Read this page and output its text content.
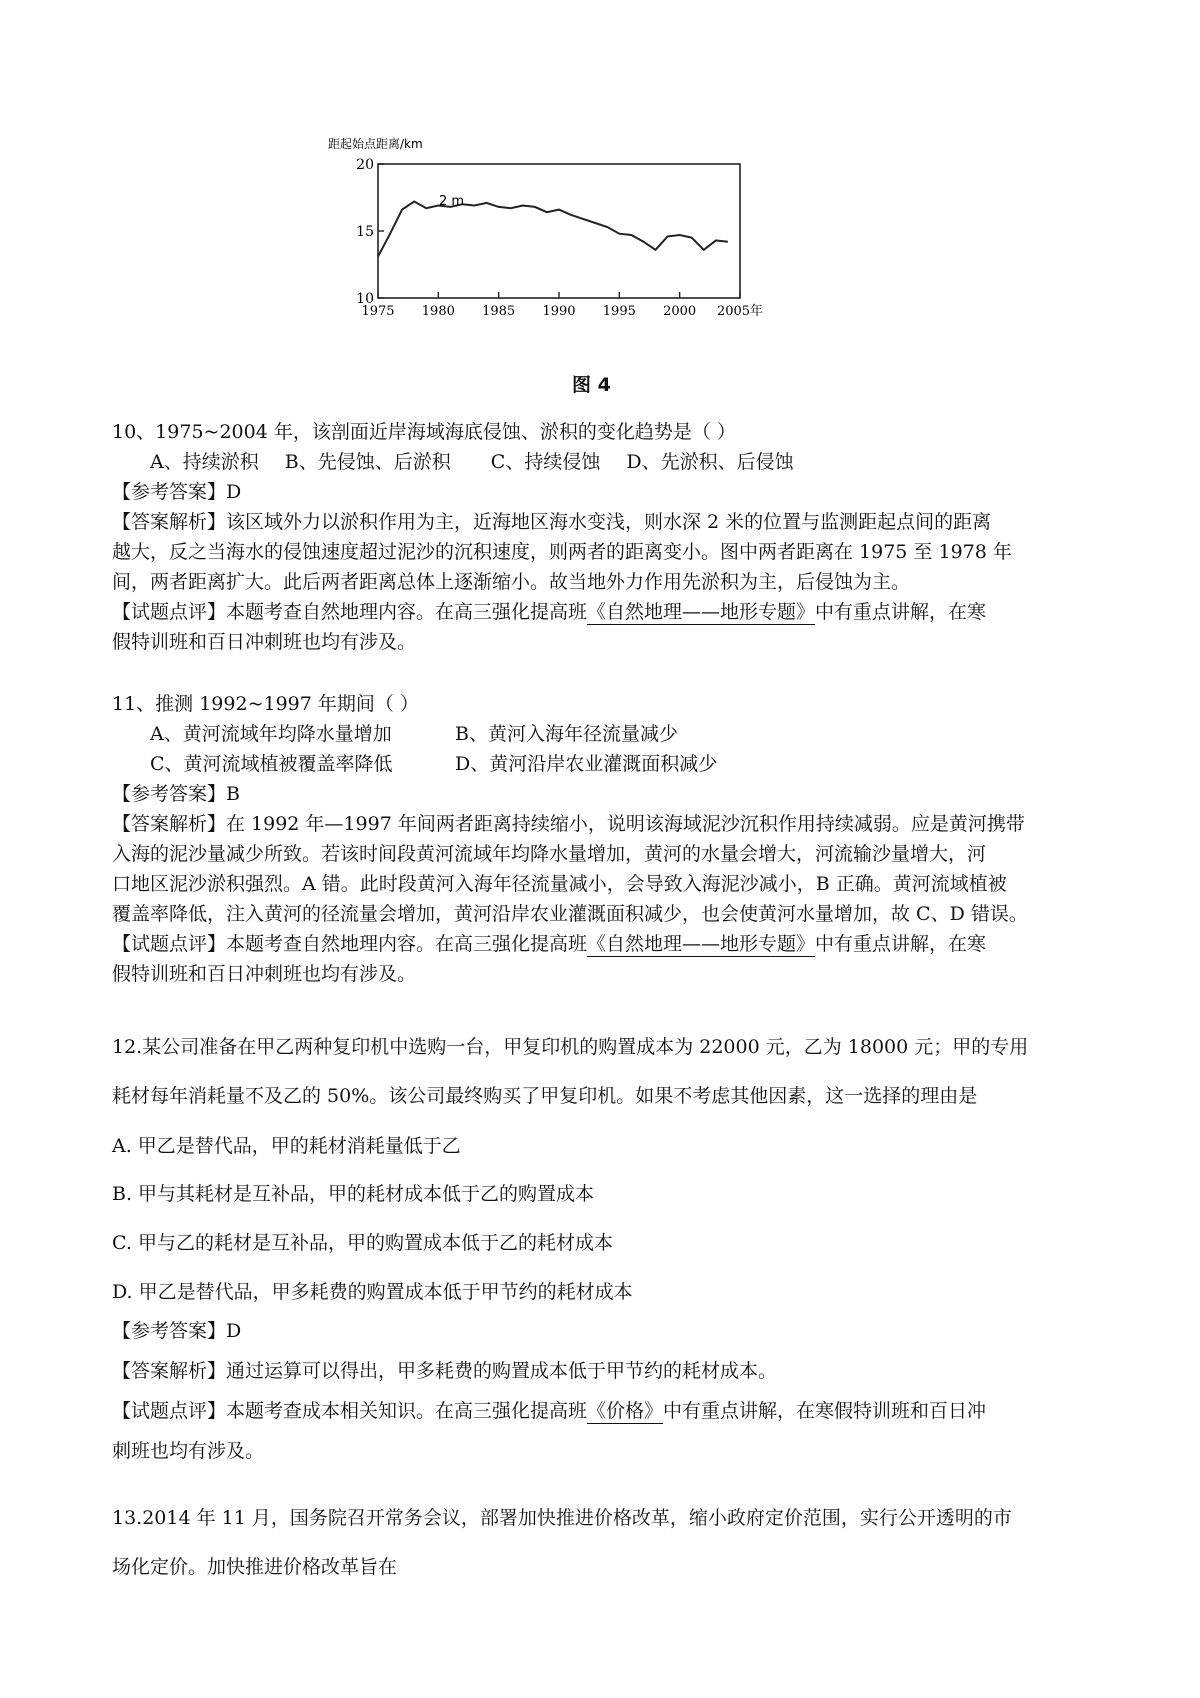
距起始点距离/km
20
15
10
1975 1980 1985 1990 1995 2000 2005年
2 m
图 4
10、1975~2004 年，该剖面近岸海域海底侵蚀、淤积的变化趋势是（ ）
A、持续淤积 B、先侵蚀、后淤积 C、持续侵蚀 D、先淤积、后侵蚀
【参考答案】D
【答案解析】该区域外力以淤积作用为主，近海地区海水变浅，则水深 2 米的位置与监测距起点间的距离
越大，反之当海水的侵蚀速度超过泥沙的沉积速度，则两者的距离变小。图中两者距离在 1975 至 1978 年
间，两者距离扩大。此后两者距离总体上逐渐缩小。故当地外力作用先淤积为主，后侵蚀为主。
【试题点评】本题考查自然地理内容。在高三强化提高班《自然地理——地形专题》中有重点讲解，在寒
假特训班和百日冲刺班也均有涉及。
11、推测 1992~1997 年期间（ ）
A、黄河流域年均降水量增加	B、黄河入海年径流量减少
C、黄河流域植被覆盖率降低	D、黄河沿岸农业灌溉面积减少
【参考答案】B
【答案解析】在 1992 年—1997 年间两者距离持续缩小，说明该海域泥沙沉积作用持续减弱。应是黄河携带
入海的泥沙量减少所致。若该时间段黄河流域年均降水量增加，黄河的水量会增大，河流输沙量增大，河
口地区泥沙淤积强烈。A 错。此时段黄河入海年径流量减小，会导致入海泥沙减小，B 正确。黄河流域植被
覆盖率降低，注入黄河的径流量会增加，黄河沿岸农业灌溉面积减少，也会使黄河水量增加，故 C、D 错误。
【试题点评】本题考查自然地理内容。在高三强化提高班《自然地理——地形专题》中有重点讲解，在寒
假特训班和百日冲刺班也均有涉及。
12.某公司准备在甲乙两种复印机中选购一台，甲复印机的购置成本为 22000 元，乙为 18000 元；甲的专用
耗材每年消耗量不及乙的 50%。该公司最终购买了甲复印机。如果不考虑其他因素，这一选择的理由是
A. 甲乙是替代品，甲的耗材消耗量低于乙
B. 甲与其耗材是互补品，甲的耗材成本低于乙的购置成本
C. 甲与乙的耗材是互补品，甲的购置成本低于乙的耗材成本
D. 甲乙是替代品，甲多耗费的购置成本低于甲节约的耗材成本
【参考答案】D
【答案解析】通过运算可以得出，甲多耗费的购置成本低于甲节约的耗材成本。
【试题点评】本题考查成本相关知识。在高三强化提高班《价格》中有重点讲解，在寒假特训班和百日冲
刺班也均有涉及。
13.2014 年 11 月，国务院召开常务会议，部署加快推进价格改革，缩小政府定价范围，实行公开透明的市
场化定价。加快推进价格改革旨在
